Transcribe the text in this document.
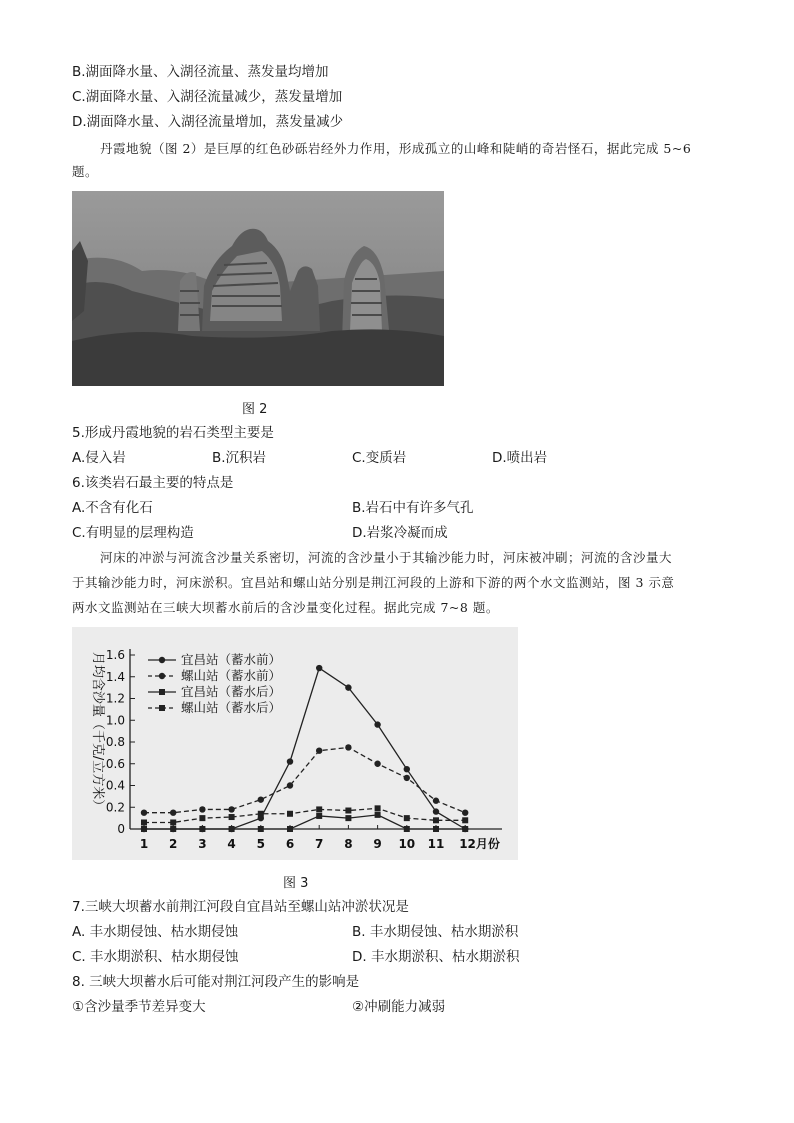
B.湖面降水量、入湖径流量、蒸发量均增加
C.湖面降水量、入湖径流量减少，蒸发量增加
D.湖面降水量、入湖径流量增加，蒸发量减少
丹霞地貌（图 2）是巨厚的红色砂砾岩经外力作用，形成孤立的山峰和陡峭的奇岩怪石，据此完成 5~6
题。
图 2
5.形成丹霞地貌的岩石类型主要是
A.侵入岩	B.沉积岩	C.变质岩	D.喷出岩
6.该类岩石最主要的特点是
A.不含有化石	B.岩石中有许多气孔
C.有明显的层理构造	D.岩浆冷凝而成
河床的冲淤与河流含沙量关系密切，河流的含沙量小于其输沙能力时，河床被冲刷；河流的含沙量大
于其输沙能力时，河床淤积。宜昌站和螺山站分别是荆江河段的上游和下游的两个水文监测站，图 3 示意
两水文监测站在三峡大坝蓄水前后的含沙量变化过程。据此完成 7~8 题。
月均含沙量（千克/立方米）
0
0.2
0.4
0.6
0.8
1.0
1.2
1.4
1.6
1 2 3 4 5 6 7 8 9 10 11 12月份
宜昌站（蓄水前）
螺山站（蓄水前）
宜昌站（蓄水后）
螺山站（蓄水后）
图 3
7.三峡大坝蓄水前荆江河段自宜昌站至螺山站冲淤状况是
A. 丰水期侵蚀、枯水期侵蚀	B. 丰水期侵蚀、枯水期淤积
C. 丰水期淤积、枯水期侵蚀	D. 丰水期淤积、枯水期淤积
8. 三峡大坝蓄水后可能对荆江河段产生的影响是
①含沙量季节差异变大	②冲刷能力减弱
